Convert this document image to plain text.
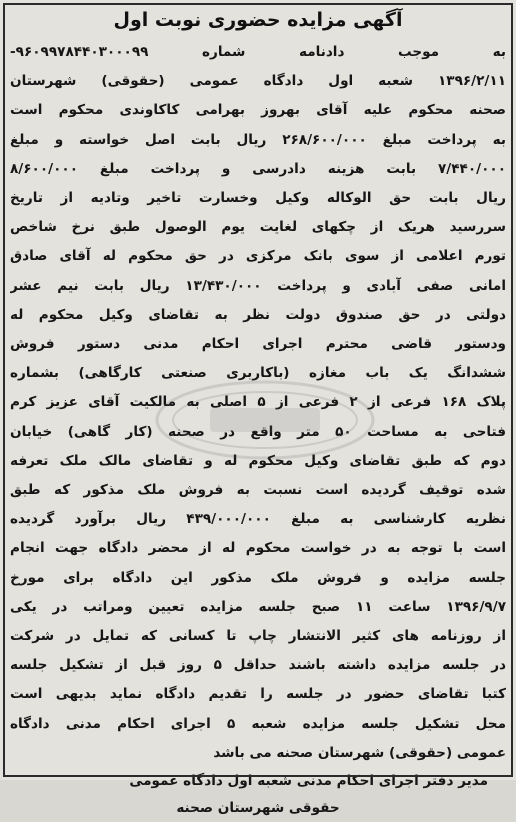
آگهی مزایده حضوری نوبت اول
به موجب دادنامه شماره ۹۶۰۹۹۷۸۴۴۰۳۰۰۰۹۹-
۱۳۹۶/۲/۱۱ شعبه اول دادگاه عمومی (حقوقی) شهرستان
صحنه محکوم علیه آقای بهروز بهرامی کاکاوندی محکوم است
به پرداخت مبلغ ۲۶۸/۶۰۰/۰۰۰ ریال بابت اصل خواسته و مبلغ
۷/۴۴۰/۰۰۰ بابت هزینه دادرسی و پرداخت مبلغ ۸/۶۰۰/۰۰۰
ریال بابت حق الوکاله وکیل وخسارت تاخیر وتادیه از تاریخ
سررسید هریک از چکهای لغایت یوم الوصول طبق نرخ شاخص
تورم اعلامی از سوی بانک مرکزی در حق محکوم له آقای صادق
امانی صفی آبادی و پرداخت ۱۳/۴۳۰/۰۰۰ ریال بابت نیم عشر
دولتی در حق صندوق دولت نظر به تقاضای وکیل محکوم له
ودستور قاضی محترم اجرای احکام مدنی دستور فروش
ششدانگ یک باب مغازه (باکاربری صنعتی کارگاهی) بشماره
پلاک ۱۶۸ فرعی از ۲ فرعی از ۵ اصلی به مالکیت آقای عزیز کرم
فتاحی به مساحت ۵۰ متر واقع در صحنه (کار گاهی) خیابان
دوم که طبق تقاضای وکیل محکوم له و تقاضای مالک ملک تعرفه
شده توقیف گردیده است نسبت به فروش ملک مذکور که طبق
نظریه کارشناسی به مبلغ ۴۳۹/۰۰۰/۰۰۰ ریال برآورد گردیده
است با توجه به در خواست محکوم له از محضر دادگاه جهت انجام
جلسه مزایده و فروش ملک مذکور این دادگاه برای مورخ
۱۳۹۶/۹/۷ ساعت ۱۱ صبح جلسه مزایده تعیین ومراتب در یکی
از روزنامه های کثیر الانتشار چاپ تا کسانی که تمایل در شرکت
در جلسه مزایده داشته باشند حداقل ۵ روز قبل از تشکیل جلسه
کتبا تقاضای حضور در جلسه را تقدیم دادگاه نماید بدیهی است
محل تشکیل جلسه مزایده شعبه ۵ اجرای احکام مدنی دادگاه
عمومی (حقوقی) شهرستان صحنه می باشد
مدیر دفتر اجرای احکام مدنی شعبه اول دادگاه عمومی
حقوقی شهرستان صحنه
